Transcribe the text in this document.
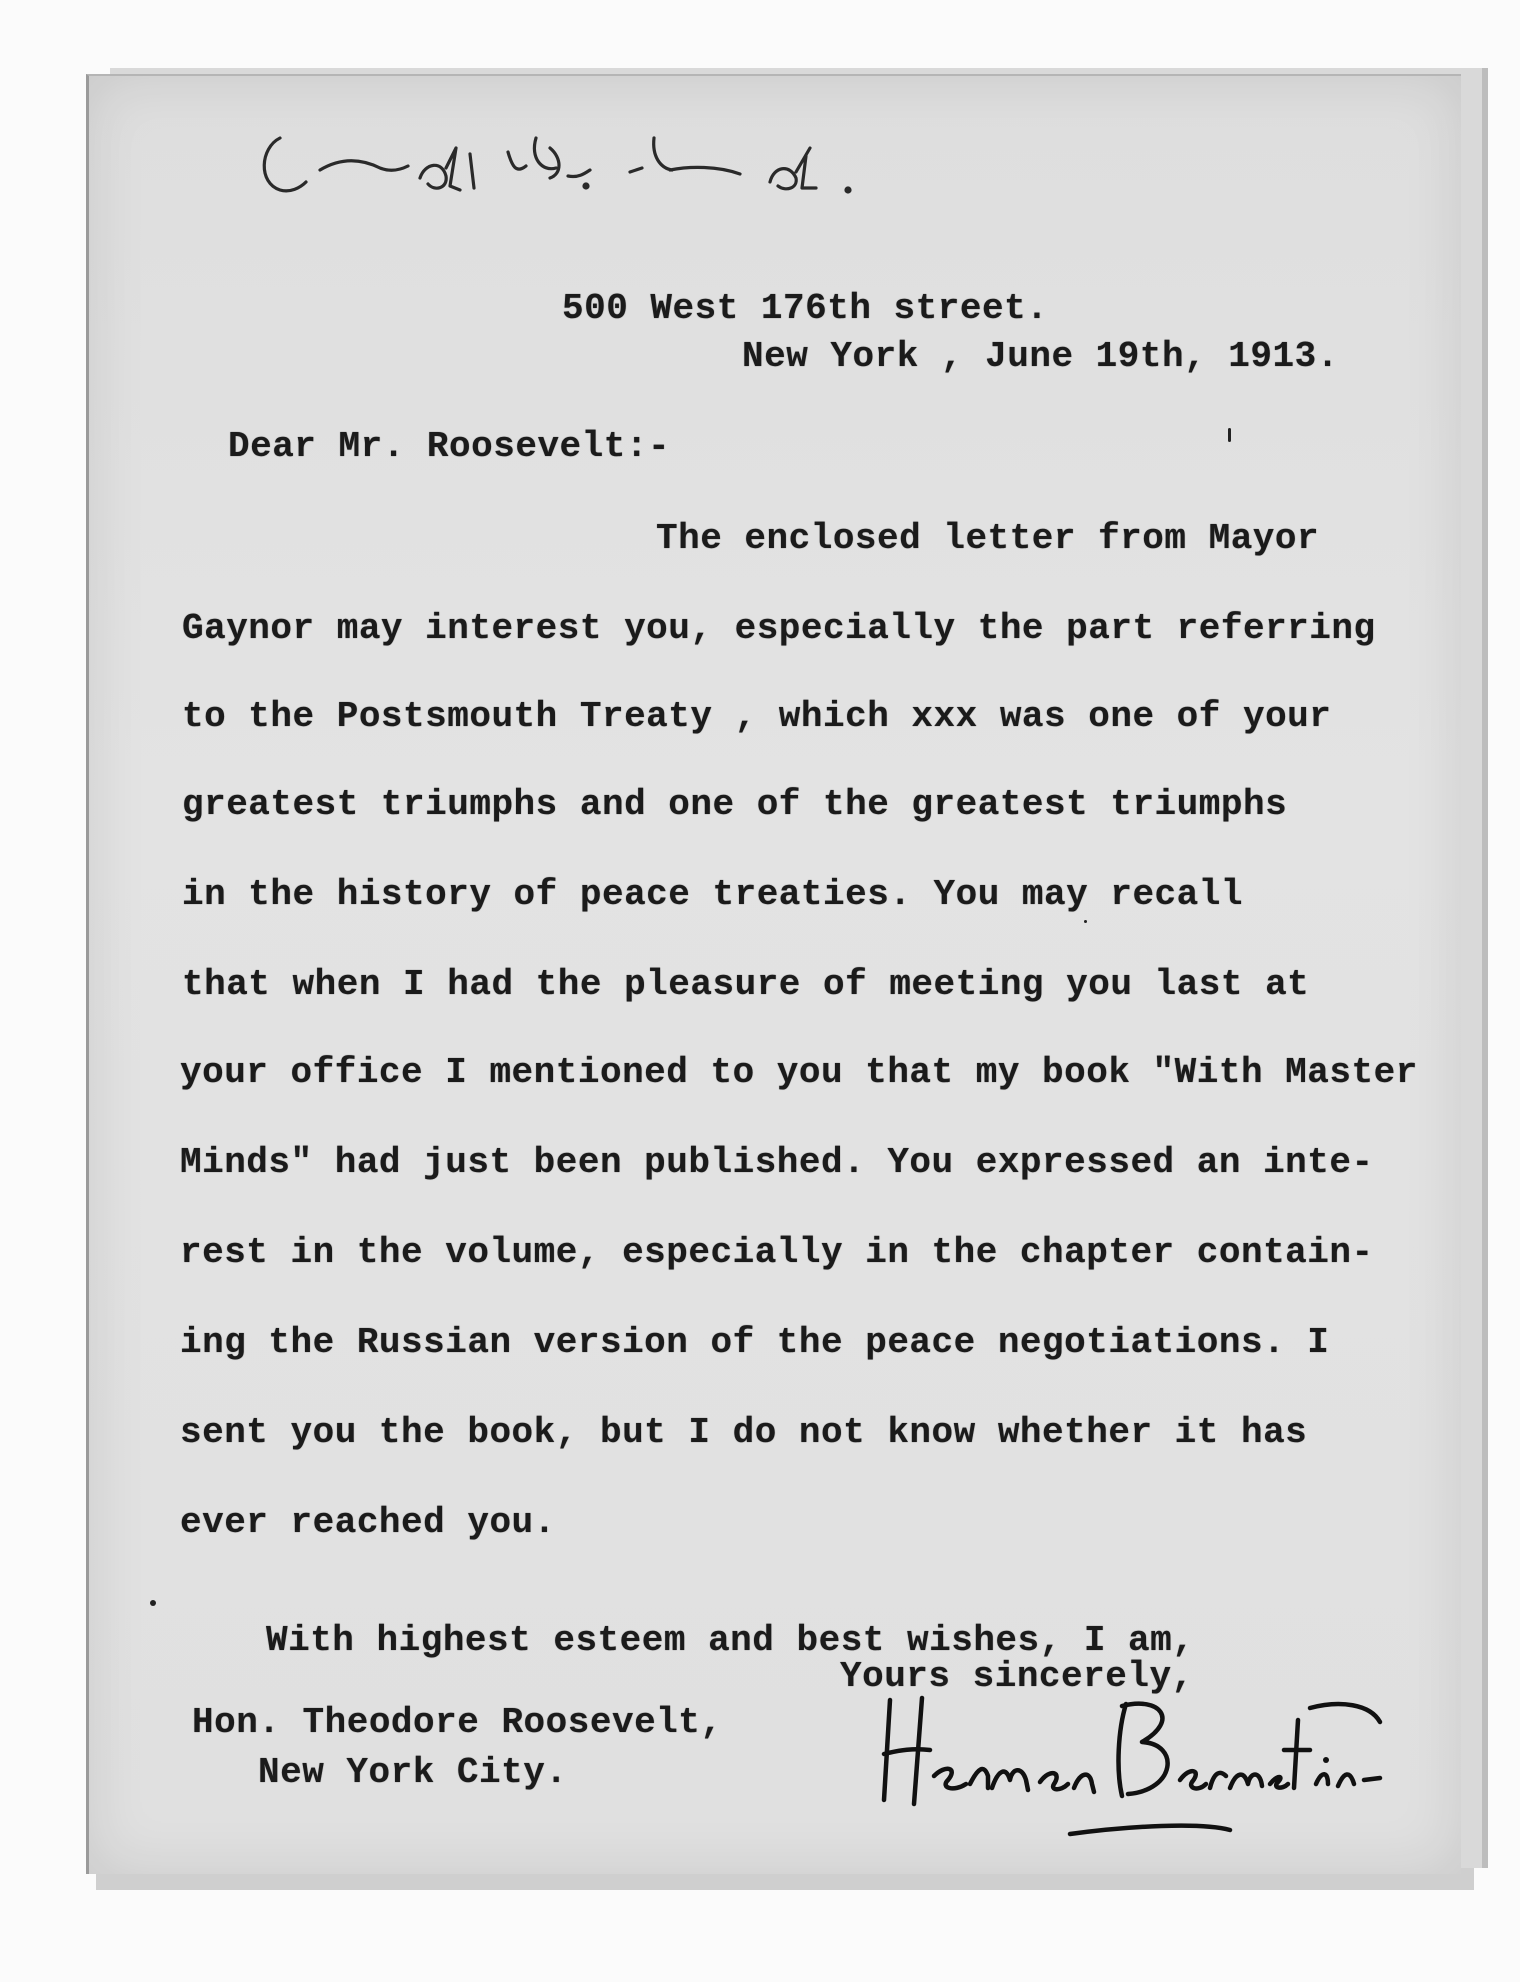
500 West 176th street.
New York , June 19th, 1913.
Dear Mr. Roosevelt:-
The enclosed letter from Mayor
Gaynor may interest you, especially the part referring
to the Postsmouth Treaty , which xxx was one of your
greatest triumphs and one of the greatest triumphs
in the history of peace treaties. You may recall
that when I had the pleasure of meeting you last at
your office I mentioned to you that my book "With Master
Minds" had just been published. You expressed an inte-
rest in the volume, especially in the chapter contain-
ing the Russian version of the peace negotiations. I
sent you the book, but I do not know whether it has
ever reached you.
With highest esteem and best wishes, I am,
Yours sincerely,
Hon. Theodore Roosevelt,
New York City.
